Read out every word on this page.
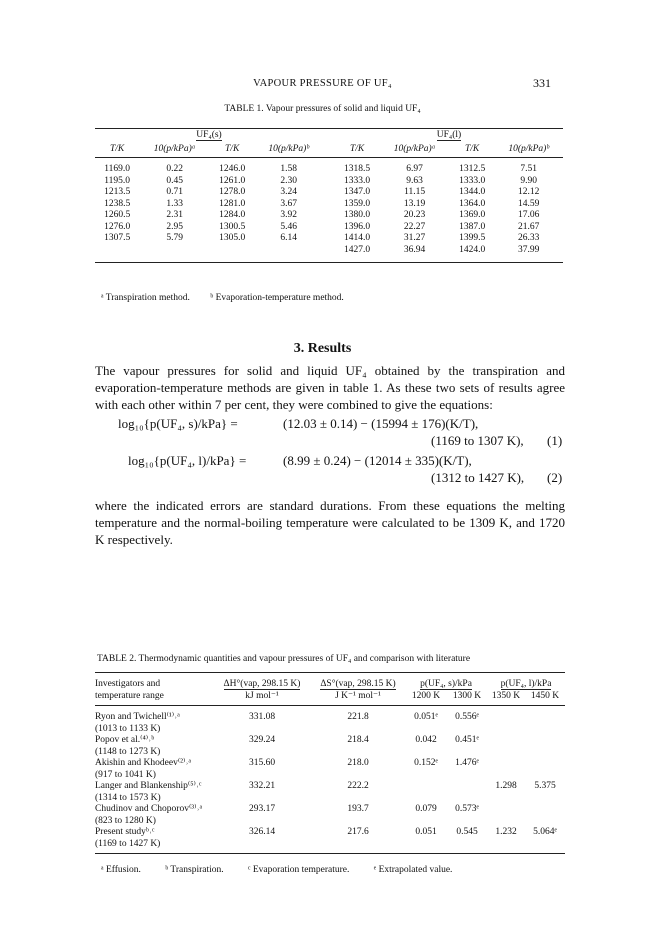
VAPOUR PRESSURE OF UF₄	331
TABLE 1. Vapour pressures of solid and liquid UF₄
UF₄(s)					UF₄(l)			
T/K	10(p/kPa)ᵃ	T/K	10(p/kPa)ᵇ		T/K	10(p/kPa)ᵃ	T/K	10(p/kPa)ᵇ
1169.0	0.22	1246.0	1.58		1318.5	6.97	1312.5	7.51
1195.0	0.45	1261.0	2.30		1333.0	9.63	1333.0	9.90
1213.5	0.71	1278.0	3.24		1347.0	11.15	1344.0	12.12
1238.5	1.33	1281.0	3.67		1359.0	13.19	1364.0	14.59
1260.5	2.31	1284.0	3.92		1380.0	20.23	1369.0	17.06
1276.0	2.95	1300.5	5.46		1396.0	22.27	1387.0	21.67
1307.5	5.79	1305.0	6.14		1414.0	31.27	1399.5	26.33
					1427.0	36.94	1424.0	37.99
ᵃ Transpiration method. ᵇ Evaporation-temperature method.
3. Results
The vapour pressures for solid and liquid UF₄ obtained by the transpiration and evaporation-temperature methods are given in table 1. As these two sets of results agree with each other within 7 per cent, they were combined to give the equations:
log₁₀{p(UF₄, s)/kPa} =	(12.03 ± 0.14) − (15994 ± 176)(K/T),
(1169 to 1307 K), (1)
log₁₀{p(UF₄, l)/kPa} =	(8.99 ± 0.24) − (12014 ± 335)(K/T),
(1312 to 1427 K), (2)
where the indicated errors are standard durations. From these equations the melting temperature and the normal-boiling temperature were calculated to be 1309 K, and 1720 K respectively.
TABLE 2. Thermodynamic quantities and vapour pressures of UF₄ and comparison with literature
Investigators and	ΔH°(vap, 298.15 K)	ΔS°(vap, 298.15 K)	p(UF₄, s)/kPa		p(UF₄, l)/kPa	
temperature range	kJ mol⁻¹	J K⁻¹ mol⁻¹	1200 K	1300 K	1350 K	1450 K

Ryon and Twichell⁽¹⁾˒ᵃ
(1013 to 1133 K)	331.08	221.8	0.051ᵉ	0.556ᵉ		

Popov et al.⁽⁴⁾˒ᵇ
(1148 to 1273 K)	329.24	218.4	0.042	0.451ᵉ		

Akishin and Khodeev⁽²⁾˒ᵃ
(917 to 1041 K)	315.60	218.0	0.152ᵉ	1.476ᵉ		

Langer and Blankenship⁽⁵⁾˒ᶜ
(1314 to 1573 K)	332.21	222.2			1.298	5.375

Chudinov and Choporov⁽³⁾˒ᵃ
(823 to 1280 K)	293.17	193.7	0.079	0.573ᵉ		

Present studyᵇ˒ᶜ
(1169 to 1427 K)	326.14	217.6	0.051	0.545	1.232	5.064ᵉ
ᵃ Effusion.	ᵇ Transpiration.	ᶜ Evaporation temperature.	ᵉ Extrapolated value.
